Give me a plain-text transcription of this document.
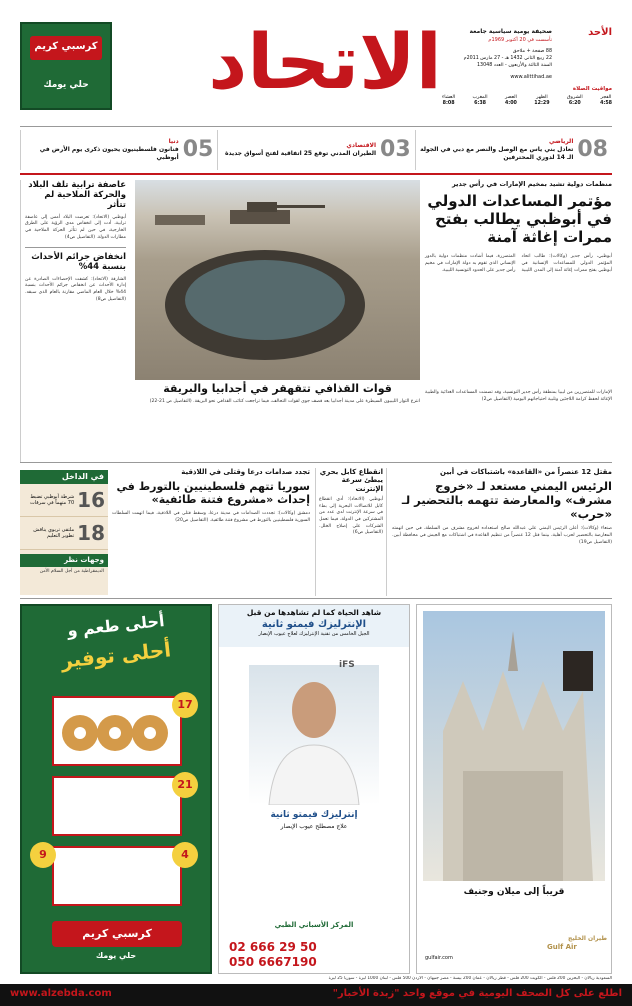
الاتحاد	الأحد
صحيفة يومية سياسية جامعة
تأسست في 20 أكتوبر 1969م
88 صفحة + ملاحق
22 ربيع الثاني 1432 هـ - 27 مارس 2011م
السنة الثالثة والأربعون - العدد 13048
www.alittihad.ae
مواقيت الصلاة
الفجر
4:58
الشروق
6:20
الظهر
12:29
العصر
4:00
المغرب
6:38
العشاء
8:08
كرسبي كريم
حلي يومك
08
الرياضي
تعادل بني ياس مع الوصل والنصر مع دبي في الجولة الـ 14 لدوري المحترفين
03
الاقتصادي
الطيران المدني توقع 25 اتفاقية لفتح أسواق جديدة
05
دنيا
فنانون فلسطينيون يحيون ذكرى يوم الأرض في أبوظبي
عاصفة ترابية تلف البلاد والحركة الملاحية لم تتأثر
أبوظبي (الاتحاد): تعرضت البلاد أمس إلى عاصفة ترابية، أدت إلى انخفاض مدى الرؤية على الطرق الخارجية، في حين لم تتأثر الحركة الملاحية في مطارات الدولة. (التفاصيل ص4)
انخفاض جرائم الأحداث بنسبة 44%
الشارقة (الاتحاد): كشفت الإحصاءات الصادرة عن إدارة الأحداث عن انخفاض جرائم الأحداث بنسبة 44% خلال العام الماضي مقارنة بالعام الذي سبقه. (التفاصيل ص8)
منظمات دولية تشيد بمخيم الإمارات في رأس جدير
مؤتمر المساعدات الدولي في أبوظبي يطالب بفتح ممرات إغاثة آمنة
أبوظبي، رأس جدير (وكالات): طالب اتحاد المؤتمر الدولي للمساعدات الإنسانية في أبوظبي بفتح ممرات إغاثة آمنة إلى المدن الليبية المتضررة، فيما أشادت منظمات دولية بالدور الإنساني الذي تقوم به دولة الإمارات في مخيم رأس جدير على الحدود التونسية الليبية.
قوات القذافي تتقهقر في أجدابيا والبريقة
انتزع الثوار الليبيون السيطرة على مدينة أجدابيا بعد قصف جوي لقوات التحالف، فيما تراجعت كتائب القذافي نحو البريقة. (التفاصيل ص 21-22)
الإمارات للمتضررين من ليبيا بمنطقة رأس جدير التونسية، وقد تضمنت المساعدات الغذائية والطبية الإغاثة لحفظ كرامة اللاجئين وتلبية احتياجاتهم اليومية (التفاصيل ص2)
في الداخل
16
شرطة أبوظبي تضبط 70 متهماً في سرقات
18
ملتقى تربوي يناقش تطوير التعليم
وجهات نظر
الديمقراطية من أجل السلام الأمن
مقتل 12 عنصراً من «القاعدة» باشتباكات في أبين
الرئيس اليمني مستعد لـ «خروج مشرف» والمعارضة تتهمه بالتحضير لـ «حرب»
صنعاء (وكالات): أعلن الرئيس اليمني علي عبدالله صالح استعداده لخروج مشرف من السلطة، في حين اتهمته المعارضة بالتحضير لحرب أهلية، بينما قتل 12 عنصراً من تنظيم القاعدة في اشتباكات مع الجيش في محافظة أبين. (التفاصيل ص19)
انقطاع كابل بحري يبطئ سرعة الإنترنت
أبوظبي (الاتحاد): أدى انقطاع كابل للاتصالات البحرية إلى بطء في سرعة الإنترنت لدى عدد من المشتركين في الدولة، فيما تعمل الشركات على إصلاح الخلل. (التفاصيل ص6)
تجدد صدامات درعا وقتلى في اللاذقية
سوريا تتهم فلسطينيين بالتورط في إحداث «مشروع فتنة طائفية»
دمشق (وكالات): تجددت الصدامات في مدينة درعا، وسقط قتلى في اللاذقية، فيما اتهمت السلطات السورية فلسطينيين بالتورط في مشروع فتنة طائفية. (التفاصيل ص20)
قريباً إلى ميلان وجنيف
طيران الخليج
Gulf Air
gulfair.com
شاهد الحياة كما لم تشاهدها من قبل
الإنترليزك فيمتو ثانية
الجيل الخامس من تقنية الإنترليزك لعلاج عيوب الإبصار
iFS
إنترليزك فيمتو ثانية
علاج مصطلح عيوب الإبصار
المركز الأسباني الطبي
02 666 29 50
050 6667190
أحلى طعم و
أحلى توفير
17
21
4
9
كرسبي كريم
حلي يومك
السعودية ريالان - البحرين 200 فلس - الكويت 200 فلس - قطر ريالان - عمان 200 بيسة - مصر جنيهان - الأردن 500 فلس - لبنان 1000 ليرة - سوريا 25 ليرة
اطلع على كل الصحف اليومية في موقع واحد "زبدة الأخبار"
www.alzebda.com
